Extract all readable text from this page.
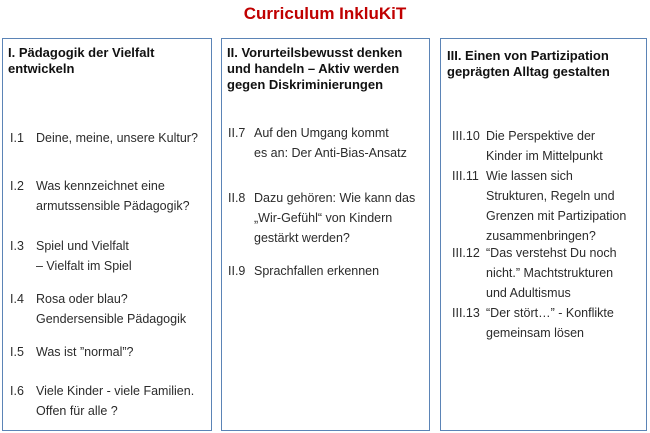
Curriculum InkluKiT
I. Pädagogik der Vielfalt
entwickeln
I.1 Deine, meine, unsere Kultur?
I.2 Was kennzeichnet eine
armutssensible Pädagogik?
I.3 Spiel und Vielfalt
– Vielfalt im Spiel
I.4 Rosa oder blau?
Gendersensible Pädagogik
I.5 Was ist ”normal”?
I.6 Viele Kinder - viele Familien.
Offen für alle ?
II. Vorurteilsbewusst denken
und handeln – Aktiv werden
gegen Diskriminierungen
II.7 Auf den Umgang kommt
es an: Der Anti-Bias-Ansatz
II.8 Dazu gehören: Wie kann das
„Wir-Gefühl“ von Kindern
gestärkt werden?
II.9 Sprachfallen erkennen
III. Einen von Partizipation
geprägten Alltag gestalten
III.10 Die Perspektive der
Kinder im Mittelpunkt
III.11 Wie lassen sich
Strukturen, Regeln und
Grenzen mit Partizipation
zusammenbringen?
III.12 “Das verstehst Du noch
nicht.” Machtstrukturen
und Adultismus
III.13 “Der stört…” - Konflikte
gemeinsam lösen
